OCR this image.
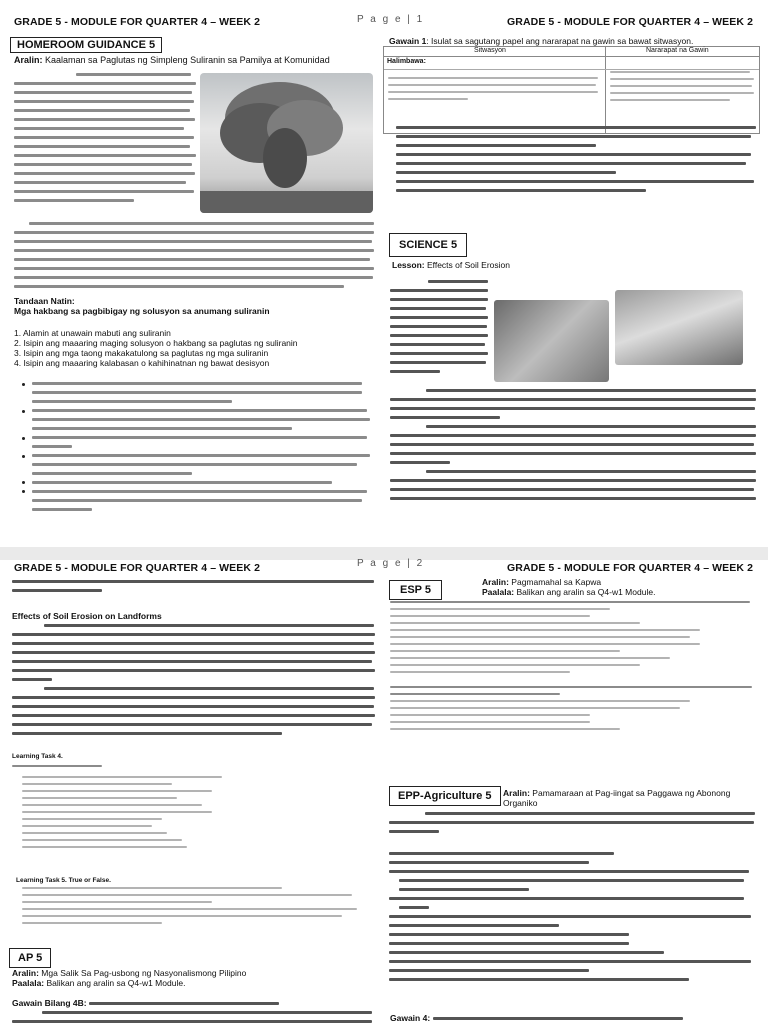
GRADE 5 - MODULE FOR QUARTER 4 – WEEK 2	P a g e | 1	GRADE 5 - MODULE FOR QUARTER 4 – WEEK 2
HOMEROOM GUIDANCE 5
Aralin: Kaalaman sa Paglutas ng Simpleng Suliranin sa Pamilya at Komunidad
Tandaan Natin:
Mga hakbang sa pagbibigay ng solusyon sa anumang suliranin
1. Alamin at unawain mabuti ang suliranin
2. Isipin ang maaaring maging solusyon o hakbang sa paglutas ng suliranin
3. Isipin ang mga taong makakatulong sa paglutas ng mga suliranin
4. Isipin ang maaaring kalabasan o kahihinatnan ng bawat desisyon
Gawain 1: Isulat sa sagutang papel ang nararapat na gawin sa bawat sitwasyon.
Sitwasyon	Nararapat na Gawin
Halimbawa:
SCIENCE 5
Lesson: Effects of Soil Erosion
GRADE 5 - MODULE FOR QUARTER 4 – WEEK 2	P a g e | 2	GRADE 5 - MODULE FOR QUARTER 4 – WEEK 2
Effects of Soil Erosion on Landforms
Learning Task 4.
Learning Task 5. True or False.
AP 5
Aralin: Mga Salik Sa Pag-usbong ng Nasyonalismong Pilipino
Paalala: Balikan ang aralin sa Q4-w1 Module.
Gawain Bilang 4B:
ESP 5
Aralin: Pagmamahal sa Kapwa
Paalala: Balikan ang aralin sa Q4-w1 Module.
EPP-Agriculture 5	Aralin: Pamamaraan at Pag-iingat sa Paggawa ng Abonong Organiko
Gawain 4:
